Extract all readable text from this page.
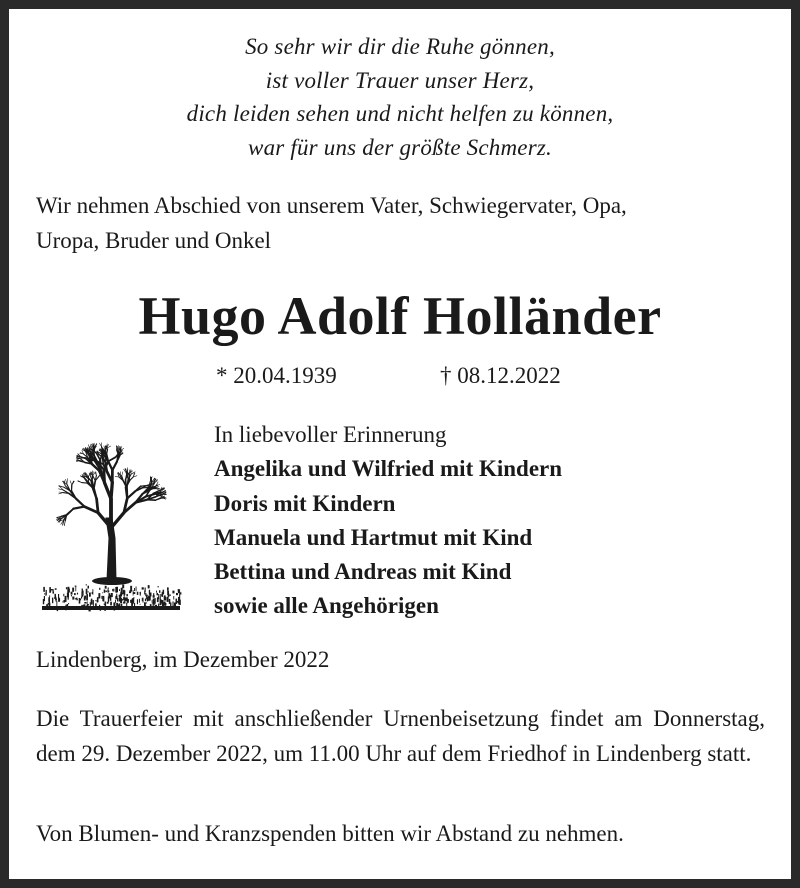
So sehr wir dir die Ruhe gönnen,
ist voller Trauer unser Herz,
dich leiden sehen und nicht helfen zu können,
war für uns der größte Schmerz.
Wir nehmen Abschied von unserem Vater, Schwiegervater, Opa,
Uropa, Bruder und Onkel
Hugo Adolf Holländer
* 20.04.1939	† 08.12.2022
In liebevoller Erinnerung
Angelika und Wilfried mit Kindern
Doris mit Kindern
Manuela und Hartmut mit Kind
Bettina und Andreas mit Kind
sowie alle Angehörigen
Lindenberg, im Dezember 2022
Die Trauerfeier mit anschließender Urnenbeisetzung findet am Donnerstag, dem 29. Dezember 2022, um 11.00 Uhr auf dem Friedhof in Lindenberg statt.
Von Blumen- und Kranzspenden bitten wir Abstand zu nehmen.
